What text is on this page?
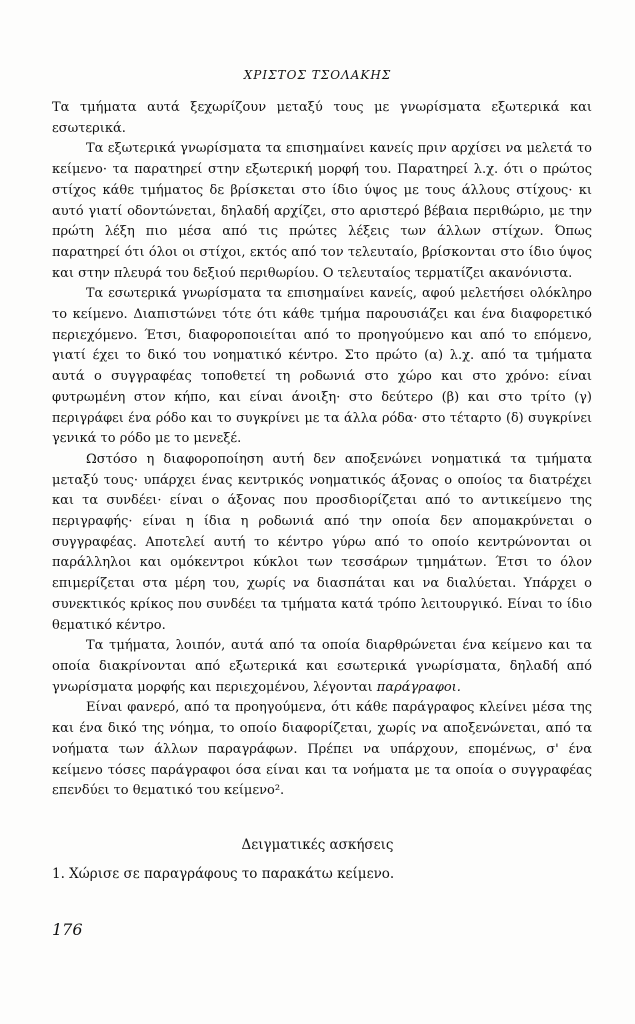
ΧΡΙΣΤΟΣ ΤΣΟΛΑΚΗΣ

Τα τμήματα αυτά ξεχωρίζουν μεταξύ τους με γνωρίσματα εξωτερικά και
εσωτερικά.

Τα εξωτερικά γνωρίσματα τα επισημαίνει κανείς πριν αρχίσει να μελετά το
κείμενο· τα παρατηρεί στην εξωτερική μορφή του. Παρατηρεί λ.χ. ότι ο πρώτος
στίχος κάθε τμήματος δε βρίσκεται στο ίδιο ύψος με τους άλλους στίχους· κι
αυτό γιατί οδοντώνεται, δηλαδή αρχίζει, στο αριστερό βέβαια περιθώριο, με την
πρώτη λέξη πιο μέσα από τις πρώτες λέξεις των άλλων στίχων. Όπως
παρατηρεί ότι όλοι οι στίχοι, εκτός από τον τελευταίο, βρίσκονται στο ίδιο ύψος
και στην πλευρά του δεξιού περιθωρίου. Ο τελευταίος τερματίζει ακανόνιστα.

Τα εσωτερικά γνωρίσματα τα επισημαίνει κανείς, αφού μελετήσει ολόκληρο
το κείμενο. Διαπιστώνει τότε ότι κάθε τμήμα παρουσιάζει και ένα διαφορετικό
περιεχόμενο. Έτσι, διαφοροποιείται από το προηγούμενο και από το επόμενο,
γιατί έχει το δικό του νοηματικό κέντρο. Στο πρώτο (α) λ.χ. από τα τμήματα
αυτά ο συγγραφέας τοποθετεί τη ροδωνιά στο χώρο και στο χρόνο: είναι
φυτρωμένη στον κήπο, και είναι άνοιξη· στο δεύτερο (β) και στο τρίτο (γ)
περιγράφει ένα ρόδο και το συγκρίνει με τα άλλα ρόδα· στο τέταρτο (δ) συγκρίνει
γενικά το ρόδο με το μενεξέ.

Ωστόσο η διαφοροποίηση αυτή δεν αποξενώνει νοηματικά τα τμήματα
μεταξύ τους· υπάρχει ένας κεντρικός νοηματικός άξονας ο οποίος τα διατρέχει
και τα συνδέει· είναι ο άξονας που προσδιορίζεται από το αντικείμενο της
περιγραφής· είναι η ίδια η ροδωνιά από την οποία δεν απομακρύνεται ο
συγγραφέας. Αποτελεί αυτή το κέντρο γύρω από το οποίο κεντρώνονται οι
παράλληλοι και ομόκεντροι κύκλοι των τεσσάρων τμημάτων. Έτσι το όλον
επιμερίζεται στα μέρη του, χωρίς να διασπάται και να διαλύεται. Υπάρχει ο
συνεκτικός κρίκος που συνδέει τα τμήματα κατά τρόπο λειτουργικό. Είναι το ίδιο
θεματικό κέντρο.

Τα τμήματα, λοιπόν, αυτά από τα οποία διαρθρώνεται ένα κείμενο και τα
οποία διακρίνονται από εξωτερικά και εσωτερικά γνωρίσματα, δηλαδή από
γνωρίσματα μορφής και περιεχομένου, λέγονται παράγραφοι.

Είναι φανερό, από τα προηγούμενα, ότι κάθε παράγραφος κλείνει μέσα της
και ένα δικό της νόημα, το οποίο διαφορίζεται, χωρίς να αποξενώνεται, από τα
νοήματα των άλλων παραγράφων. Πρέπει να υπάρχουν, επομένως, σ' ένα
κείμενο τόσες παράγραφοι όσα είναι και τα νοήματα με τα οποία ο συγγραφέας
επενδύει το θεματικό του κείμενο².

Δειγματικές ασκήσεις
1. Χώρισε σε παραγράφους το παρακάτω κείμενο.
176
